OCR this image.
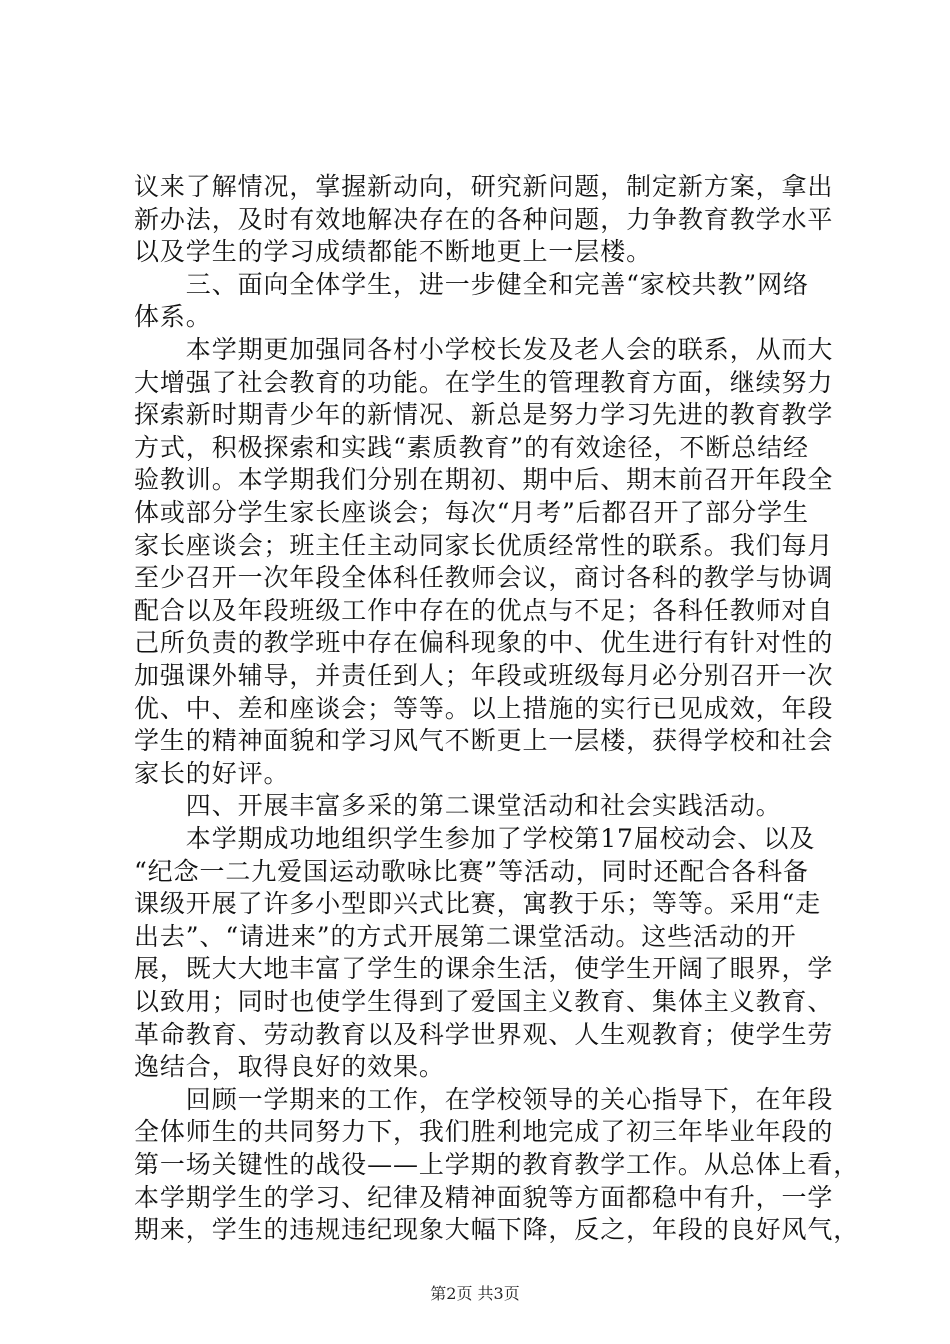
议来了解情况，掌握新动向，研究新问题，制定新方案，拿出
新办法，及时有效地解决存在的各种问题，力争教育教学水平
以及学生的学习成绩都能不断地更上一层楼。
　　三、面向全体学生，进一步健全和完善“家校共教”网络
体系。
　　本学期更加强同各村小学校长发及老人会的联系，从而大
大增强了社会教育的功能。在学生的管理教育方面，继续努力
探索新时期青少年的新情况、新总是努力学习先进的教育教学
方式，积极探索和实践“素质教育”的有效途径，不断总结经
验教训。本学期我们分别在期初、期中后、期末前召开年段全
体或部分学生家长座谈会；每次“月考”后都召开了部分学生
家长座谈会；班主任主动同家长优质经常性的联系。我们每月
至少召开一次年段全体科任教师会议，商讨各科的教学与协调
配合以及年段班级工作中存在的优点与不足；各科任教师对自
己所负责的教学班中存在偏科现象的中、优生进行有针对性的
加强课外辅导，并责任到人；年段或班级每月必分别召开一次
优、中、差和座谈会；等等。以上措施的实行已见成效，年段
学生的精神面貌和学习风气不断更上一层楼，获得学校和社会
家长的好评。
　　四、开展丰富多采的第二课堂活动和社会实践活动。
　　本学期成功地组织学生参加了学校第17届校动会、以及
“纪念一二九爱国运动歌咏比赛”等活动，同时还配合各科备
课级开展了许多小型即兴式比赛，寓教于乐；等等。采用“走
出去”、“请进来”的方式开展第二课堂活动。这些活动的开
展，既大大地丰富了学生的课余生活，使学生开阔了眼界，学
以致用；同时也使学生得到了爱国主义教育、集体主义教育、
革命教育、劳动教育以及科学世界观、人生观教育；使学生劳
逸结合，取得良好的效果。
　　回顾一学期来的工作，在学校领导的关心指导下，在年段
全体师生的共同努力下，我们胜利地完成了初三年毕业年段的
第一场关键性的战役——上学期的教育教学工作。从总体上看，
本学期学生的学习、纪律及精神面貌等方面都稳中有升，一学
期来，学生的违规违纪现象大幅下降，反之，年段的良好风气，
第2页 共3页
